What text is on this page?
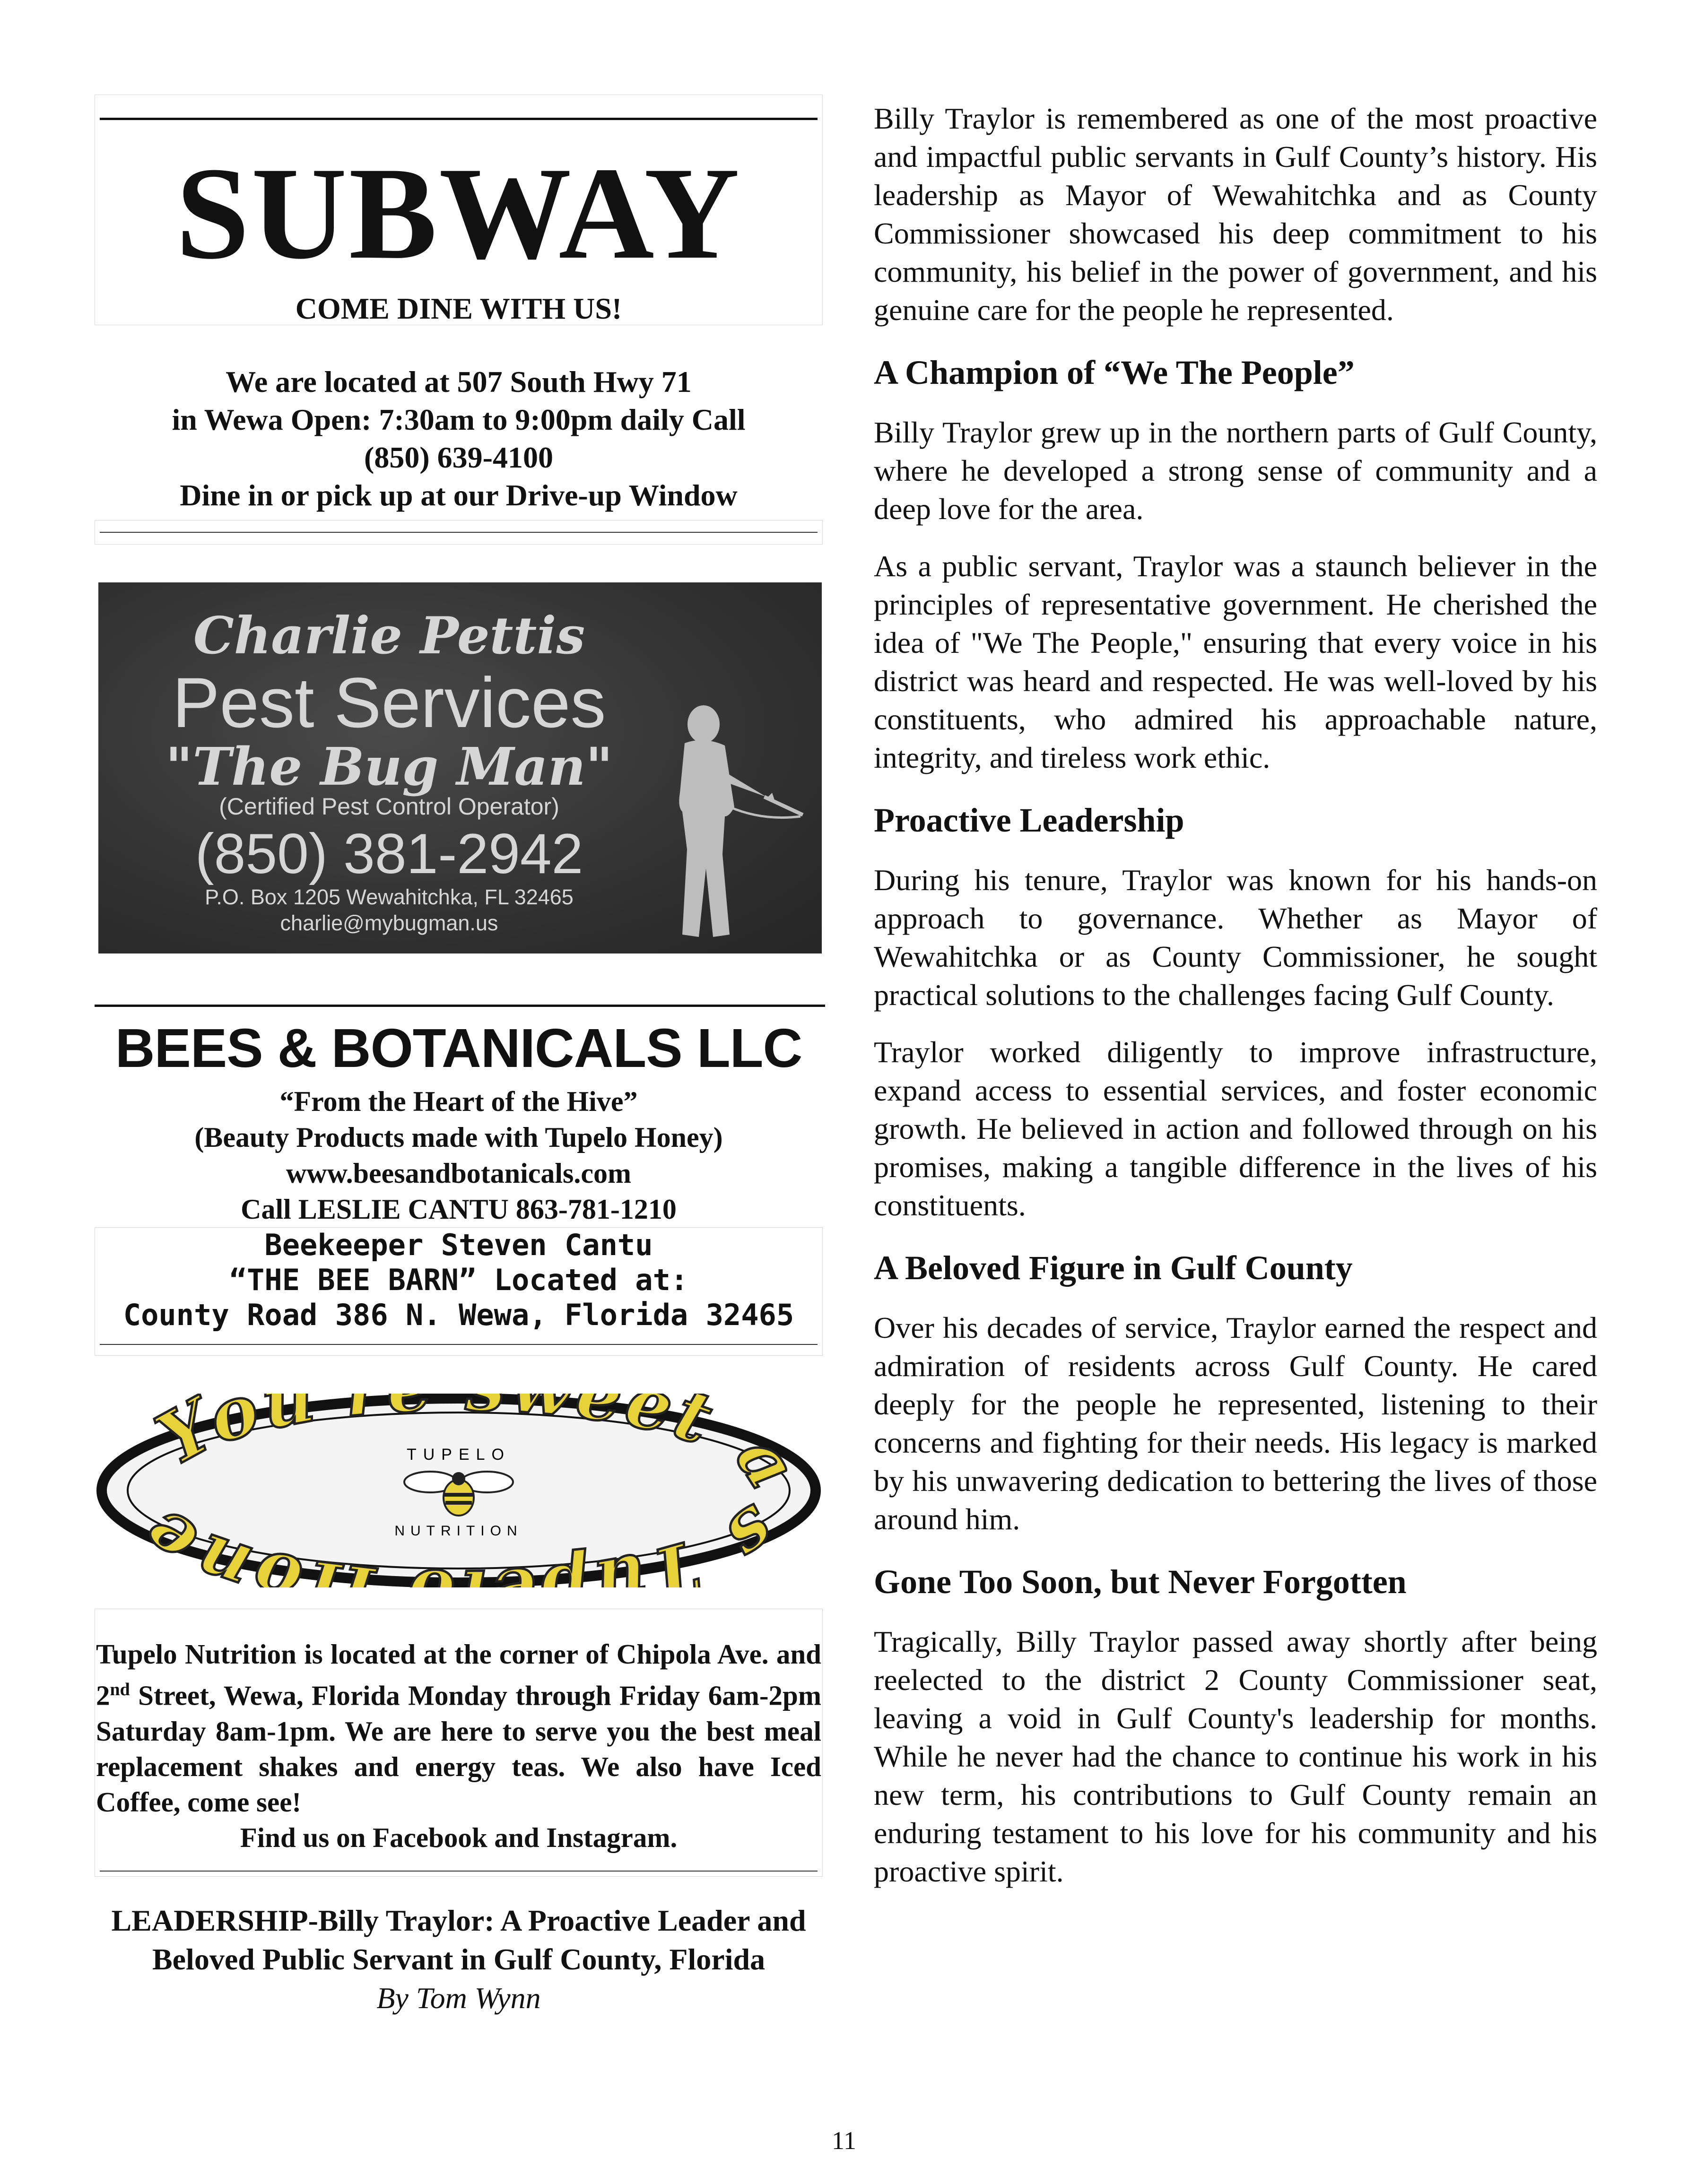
SUBWAY
COME DINE WITH US!
We are located at 507 South Hwy 71
in Wewa Open: 7:30am to 9:00pm daily Call
(850) 639-4100
Dine in or pick up at our Drive-up Window
Charlie Pettis
Pest Services
"The Bug Man"
(Certified Pest Control Operator)
(850) 381-2942
P.O. Box 1205 Wewahitchka, FL 32465
charlie@mybugman.us
BEES & BOTANICALS LLC
“From the Heart of the Hive”
(Beauty Products made with Tupelo Honey)
www.beesandbotanicals.com
Call LESLIE CANTU 863-781-1210
Beekeeper Steven Cantu
“THE BEE BARN” Located at:
County Road 386 N. Wewa, Florida 32465
You eet as Tu one
TUPELO
NUTRITION
Tupelo Nutrition is located at the corner of Chipola Ave. and 2nd Street, Wewa, Florida Monday through Friday 6am-2pm Saturday 8am-1pm. We are here to serve you the best meal replacement shakes and energy teas. We also have Iced Coffee, come see!
Find us on Facebook and Instagram.
LEADERSHIP-Billy Traylor: A Proactive Leader and Beloved Public Servant in Gulf County, Florida
By Tom Wynn

Billy Traylor is remembered as one of the most proactive and impactful public servants in Gulf County’s history. His leadership as Mayor of Wewahitchka and as County Commissioner showcased his deep commitment to his community, his belief in the power of government, and his genuine care for the people he represented.

A Champion of “We The People”

Billy Traylor grew up in the northern parts of Gulf County, where he developed a strong sense of community and a deep love for the area.

As a public servant, Traylor was a staunch believer in the principles of representative government. He cherished the idea of "We The People," ensuring that every voice in his district was heard and respected. He was well-loved by his constituents, who admired his approachable nature, integrity, and tireless work ethic.

Proactive Leadership

During his tenure, Traylor was known for his hands-on approach to governance. Whether as Mayor of Wewahitchka or as County Commissioner, he sought practical solutions to the challenges facing Gulf County.

Traylor worked diligently to improve infrastructure, expand access to essential services, and foster economic growth. He believed in action and followed through on his promises, making a tangible difference in the lives of his constituents.

A Beloved Figure in Gulf County

Over his decades of service, Traylor earned the respect and admiration of residents across Gulf County. He cared deeply for the people he represented, listening to their concerns and fighting for their needs. His legacy is marked by his unwavering dedication to bettering the lives of those around him.

Gone Too Soon, but Never Forgotten

Tragically, Billy Traylor passed away shortly after being reelected to the district 2 County Commissioner seat, leaving a void in Gulf County's leadership for months. While he never had the chance to continue his work in his new term, his contributions to Gulf County remain an enduring testament to his love for his community and his proactive spirit.

11
